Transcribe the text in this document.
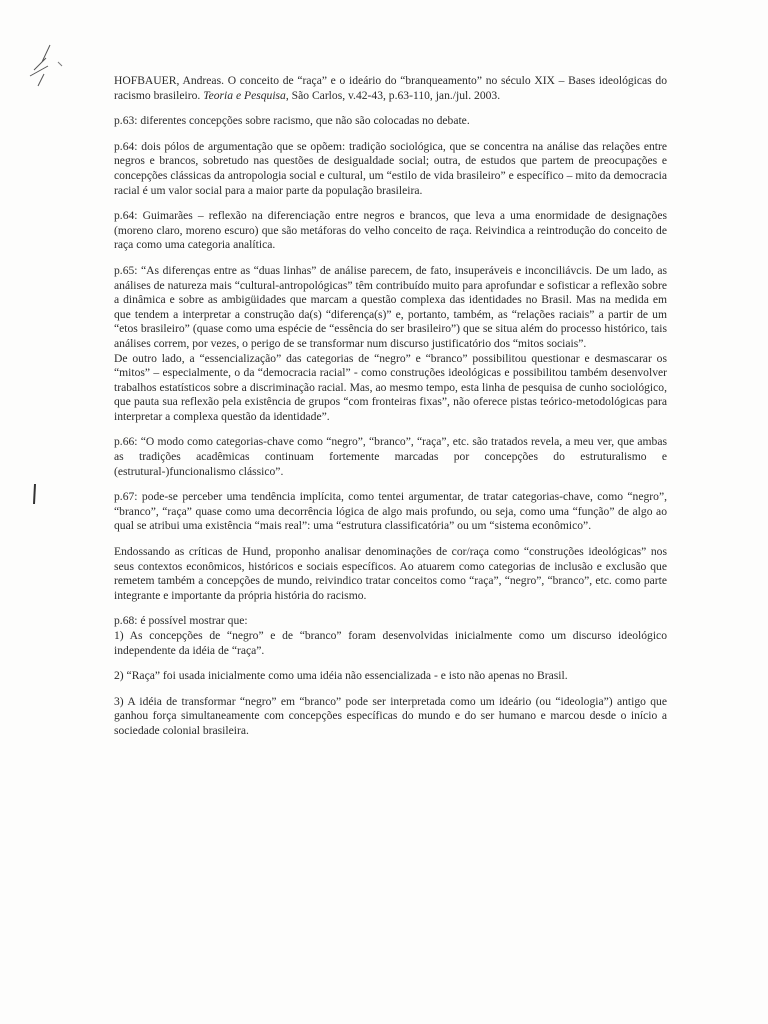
HOFBAUER, Andreas. O conceito de “raça” e o ideário do “branqueamento” no século XIX – Bases ideológicas do racismo brasileiro. Teoria e Pesquisa, São Carlos, v.42-43, p.63-110, jan./jul. 2003.

p.63: diferentes concepções sobre racismo, que não são colocadas no debate.

p.64: dois pólos de argumentação que se opõem: tradição sociológica, que se concentra na análise das relações entre negros e brancos, sobretudo nas questões de desigualdade social; outra, de estudos que partem de preocupações e concepções clássicas da antropologia social e cultural, um “estilo de vida brasileiro” e específico – mito da democracia racial é um valor social para a maior parte da população brasileira.

p.64: Guimarães – reflexão na diferenciação entre negros e brancos, que leva a uma enormidade de designações (moreno claro, moreno escuro) que são metáforas do velho conceito de raça. Reivindica a reintrodução do conceito de raça como uma categoria analítica.

p.65: “As diferenças entre as “duas linhas” de análise parecem, de fato, insuperáveis e inconciliávcis. De um lado, as análises de natureza mais “cultural-antropológicas” têm contribuído muito para aprofundar e sofisticar a reflexão sobre a dinâmica e sobre as ambigüidades que marcam a questão complexa das identidades no Brasil. Mas na medida em que tendem a interpretar a construção da(s) “diferença(s)” e, portanto, também, as “relações raciais” a partir de um “etos brasileiro” (quase como uma espécie de “essência do ser brasileiro”) que se situa além do processo histórico, tais análises correm, por vezes, o perigo de se transformar num discurso justificatório dos “mitos sociais”.

De outro lado, a “essencialização” das categorias de “negro” e “branco” possibilitou questionar e desmascarar os “mitos” – especialmente, o da “democracia racial” - como construções ideológicas e possibilitou também desenvolver trabalhos estatísticos sobre a discriminação racial. Mas, ao mesmo tempo, esta linha de pesquisa de cunho sociológico, que pauta sua reflexão pela existência de grupos “com fronteiras fixas”, não oferece pistas teórico-metodológicas para interpretar a complexa questão da identidade”.

p.66: “O modo como categorias-chave como “negro”, “branco”, “raça”, etc. são tratados revela, a meu ver, que ambas as tradições acadêmicas continuam fortemente marcadas por concepções do estruturalismo e (estrutural-)funcionalismo clássico”.

p.67: pode-se perceber uma tendência implícita, como tentei argumentar, de tratar categorias-chave, como “negro”, “branco”, “raça” quase como uma decorrência lógica de algo mais profundo, ou seja, como uma “função” de algo ao qual se atribui uma existência “mais real”: uma “estrutura classificatória” ou um “sistema econômico”.

Endossando as críticas de Hund, proponho analisar denominações de cor/raça como “construções ideológicas” nos seus contextos econômicos, históricos e sociais específicos. Ao atuarem como categorias de inclusão e exclusão que remetem também a concepções de mundo, reivindico tratar conceitos como “raça”, “negro”, “branco”, etc. como parte integrante e importante da própria história do racismo.

p.68: é possível mostrar que:

1) As concepções de “negro” e de “branco” foram desenvolvidas inicialmente como um discurso ideológico independente da idéia de “raça”.

2) “Raça” foi usada inicialmente como uma idéia não essencializada - e isto não apenas no Brasil.

3) A idéia de transformar “negro” em “branco” pode ser interpretada como um ideário (ou “ideologia”) antigo que ganhou força simultaneamente com concepções específicas do mundo e do ser humano e marcou desde o início a sociedade colonial brasileira.
